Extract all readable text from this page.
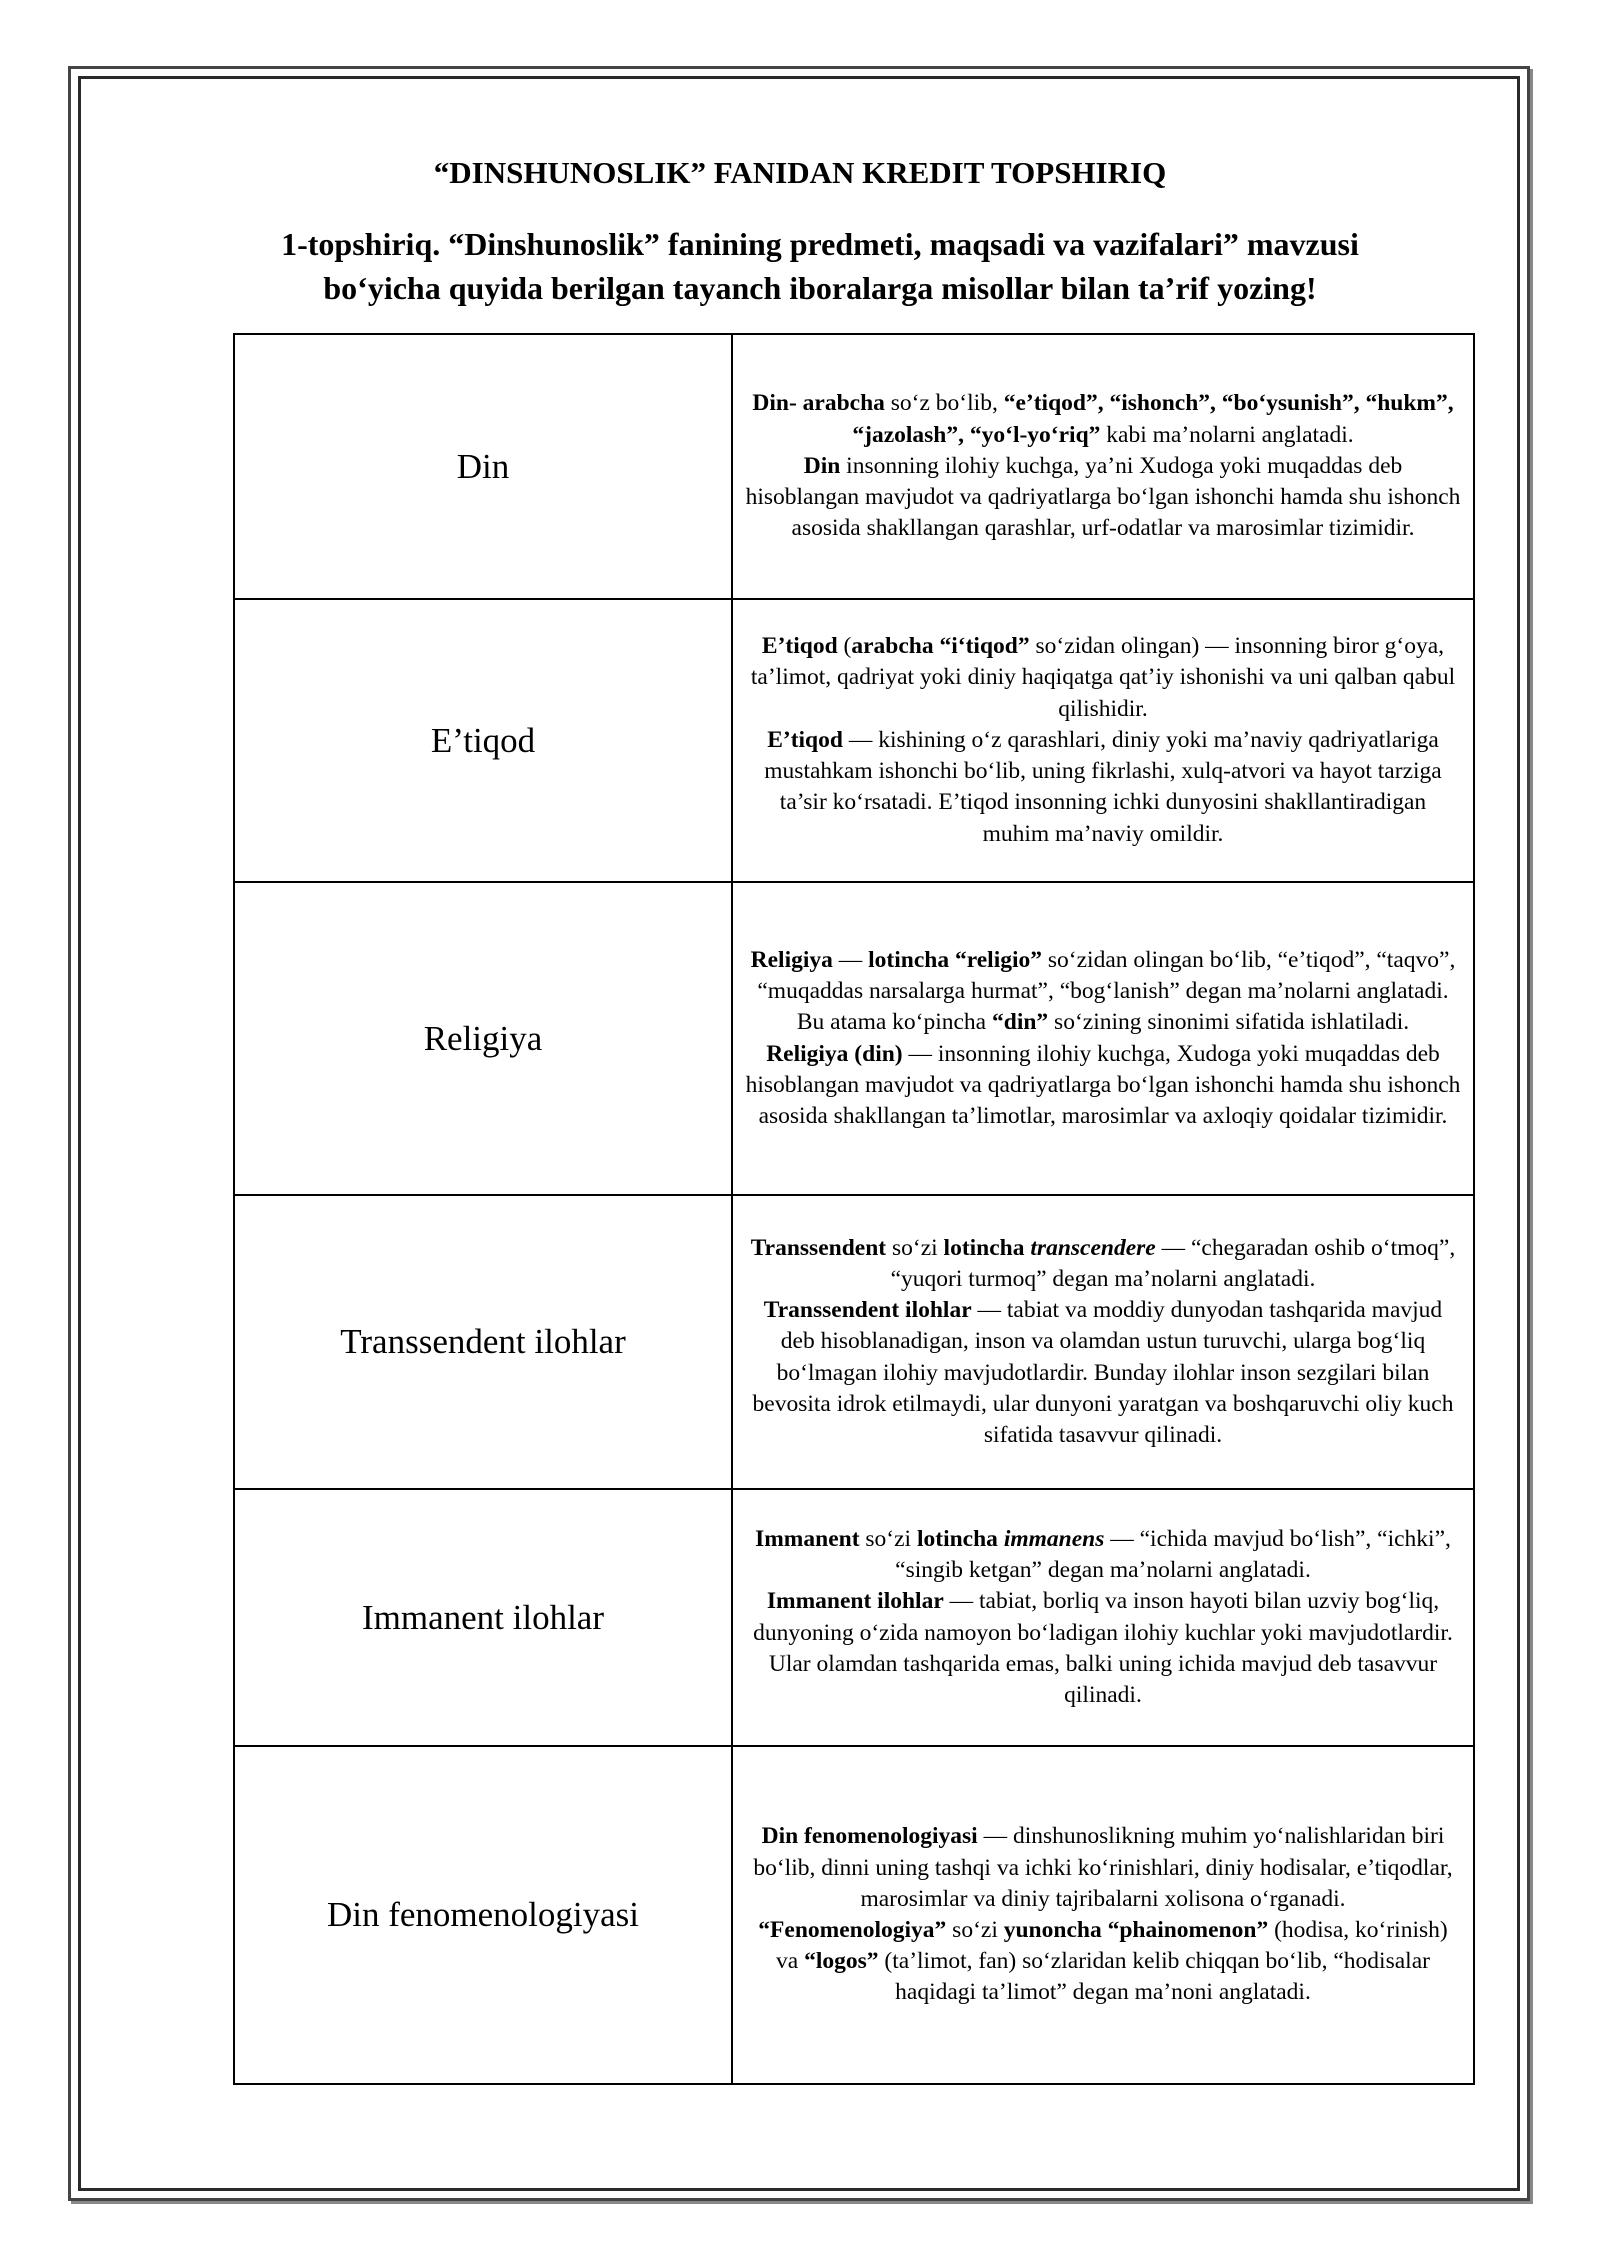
“DINSHUNOSLIK” FANIDAN KREDIT TOPSHIRIQ
1-topshiriq. “Dinshunoslik” fanining predmeti, maqsadi va vazifalari” mavzusi
bo‘yicha quyida berilgan tayanch iboralarga misollar bilan ta’rif yozing!
Din	Din- arabcha so‘z bo‘lib, “e’tiqod”, “ishonch”, “bo‘ysunish”, “hukm”, “jazolash”, “yo‘l-yo‘riq” kabi ma’nolarni anglatadi.
Din insonning ilohiy kuchga, ya’ni Xudoga yoki muqaddas deb hisoblangan mavjudot va qadriyatlarga bo‘lgan ishonchi hamda shu ishonch asosida shakllangan qarashlar, urf-odatlar va marosimlar tizimidir.

E’tiqod	E’tiqod (arabcha “i‘tiqod” so‘zidan olingan) — insonning biror g‘oya, ta’limot, qadriyat yoki diniy haqiqatga qat’iy ishonishi va uni qalban qabul qilishidir.
E’tiqod — kishining o‘z qarashlari, diniy yoki ma’naviy qadriyatlariga mustahkam ishonchi bo‘lib, uning fikrlashi, xulq-atvori va hayot tarziga ta’sir ko‘rsatadi. E’tiqod insonning ichki dunyosini shakllantiradigan muhim ma’naviy omildir.

Religiya	Religiya — lotincha “religio” so‘zidan olingan bo‘lib, “e’tiqod”, “taqvo”, “muqaddas narsalarga hurmat”, “bog‘lanish” degan ma’nolarni anglatadi. Bu atama ko‘pincha “din” so‘zining sinonimi sifatida ishlatiladi.
Religiya (din) — insonning ilohiy kuchga, Xudoga yoki muqaddas deb hisoblangan mavjudot va qadriyatlarga bo‘lgan ishonchi hamda shu ishonch asosida shakllangan ta’limotlar, marosimlar va axloqiy qoidalar tizimidir.

Transsendent ilohlar	Transsendent so‘zi lotincha transcendere — “chegaradan oshib o‘tmoq”, “yuqori turmoq” degan ma’nolarni anglatadi.
Transsendent ilohlar — tabiat va moddiy dunyodan tashqarida mavjud deb hisoblanadigan, inson va olamdan ustun turuvchi, ularga bog‘liq bo‘lmagan ilohiy mavjudotlardir. Bunday ilohlar inson sezgilari bilan bevosita idrok etilmaydi, ular dunyoni yaratgan va boshqaruvchi oliy kuch sifatida tasavvur qilinadi.

Immanent ilohlar	Immanent so‘zi lotincha immanens — “ichida mavjud bo‘lish”, “ichki”, “singib ketgan” degan ma’nolarni anglatadi.
Immanent ilohlar — tabiat, borliq va inson hayoti bilan uzviy bog‘liq, dunyoning o‘zida namoyon bo‘ladigan ilohiy kuchlar yoki mavjudotlardir. Ular olamdan tashqarida emas, balki uning ichida mavjud deb tasavvur qilinadi.

Din fenomenologiyasi	Din fenomenologiyasi — dinshunoslikning muhim yo‘nalishlaridan biri bo‘lib, dinni uning tashqi va ichki ko‘rinishlari, diniy hodisalar, e’tiqodlar, marosimlar va diniy tajribalarni xolisona o‘rganadi.
“Fenomenologiya” so‘zi yunoncha “phainomenon” (hodisa, ko‘rinish) va “logos” (ta’limot, fan) so‘zlaridan kelib chiqqan bo‘lib, “hodisalar haqidagi ta’limot” degan ma’noni anglatadi.
